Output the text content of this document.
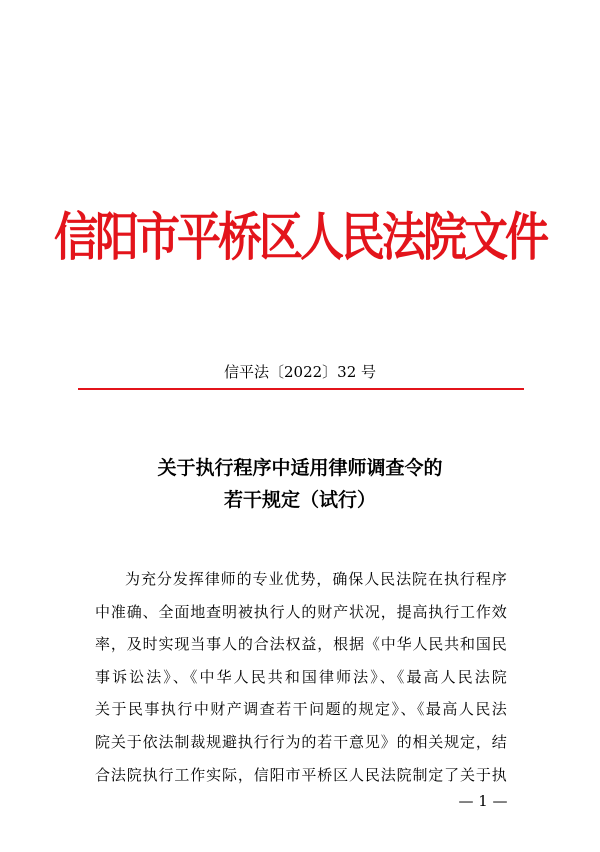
信阳市平桥区人民法院文件
信平法〔2022〕32 号
关于执行程序中适用律师调查令的
若干规定（试行）
为充分发挥律师的专业优势，确保人民法院在执行程序
中准确、全面地查明被执行人的财产状况，提高执行工作效
率，及时实现当事人的合法权益，根据《中华人民共和国民
事诉讼法》、《中华人民共和国律师法》、《最高人民法院
关于民事执行中财产调查若干问题的规定》、《最高人民法
院关于依法制裁规避执行行为的若干意见》的相关规定，结
合法院执行工作实际，信阳市平桥区人民法院制定了关于执
— 1 —
